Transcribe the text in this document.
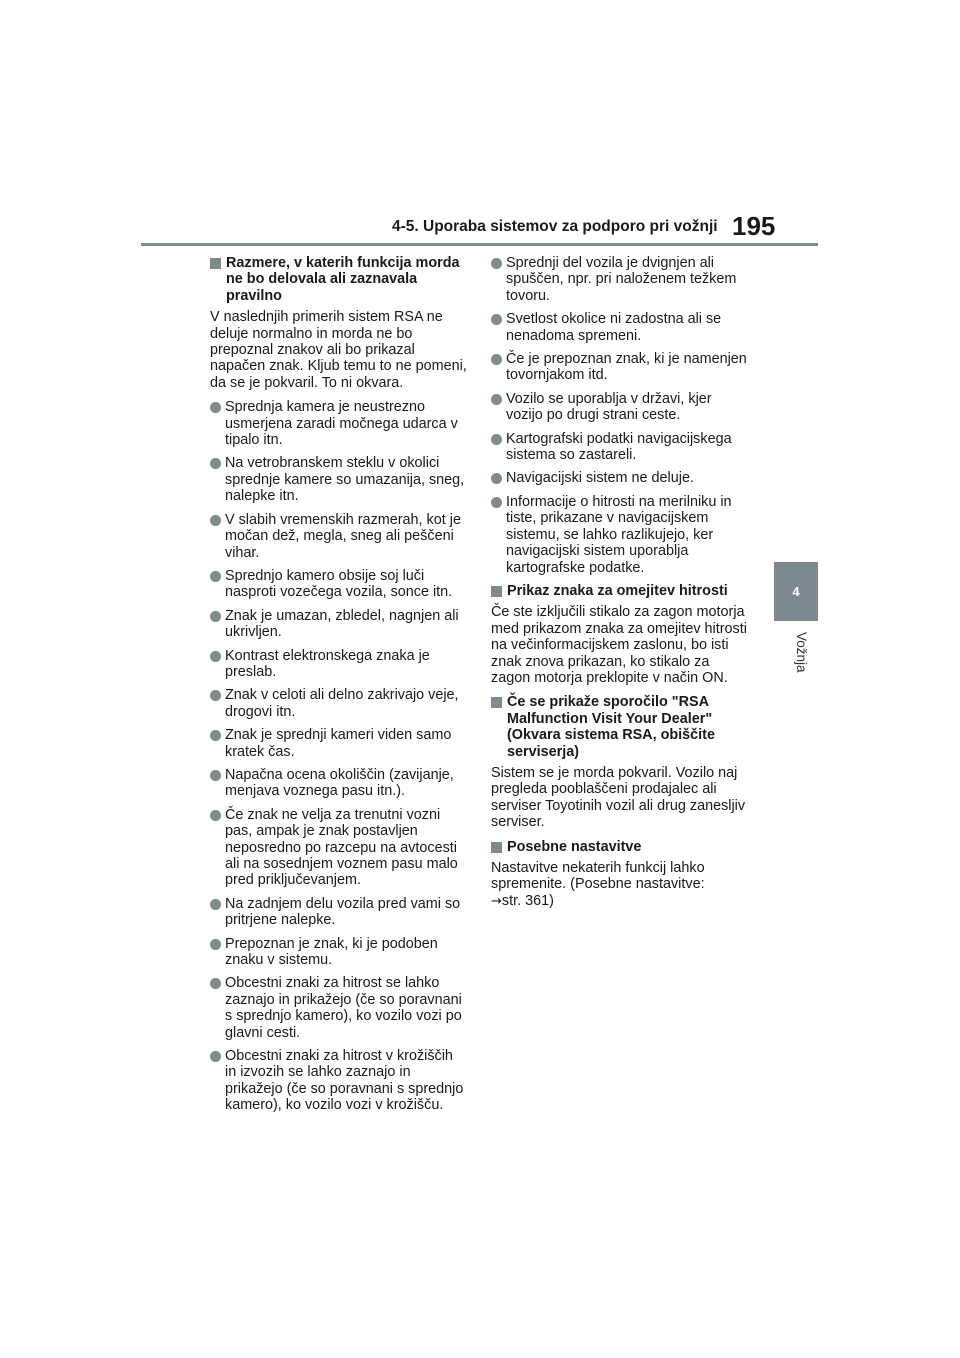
4-5. Uporaba sistemov za podporo pri vožnji 195
4
Vožnja
Razmere, v katerih funkcija morda ne bo delovala ali zaznavala pravilno

V naslednjih primerih sistem RSA ne deluje normalno in morda ne bo prepoznal znakov ali bo prikazal napačen znak. Kljub temu to ne pomeni, da se je pokvaril. To ni okvara.

Sprednja kamera je neustrezno usmerjena zaradi močnega udarca v tipalo itn.
Na vetrobranskem steklu v okolici sprednje kamere so umazanija, sneg, nalepke itn.
V slabih vremenskih razmerah, kot je močan dež, megla, sneg ali peščeni vihar.
Sprednjo kamero obsije soj luči nasproti vozečega vozila, sonce itn.
Znak je umazan, zbledel, nagnjen ali ukrivljen.
Kontrast elektronskega znaka je preslab.
Znak v celoti ali delno zakrivajo veje, drogovi itn.
Znak je sprednji kameri viden samo kratek čas.
Napačna ocena okoliščin (zavijanje, menjava voznega pasu itn.).
Če znak ne velja za trenutni vozni pas, ampak je znak postavljen neposredno po razcepu na avtocesti ali na sosednjem voznem pasu malo pred priključevanjem.
Na zadnjem delu vozila pred vami so pritrjene nalepke.
Prepoznan je znak, ki je podoben znaku v sistemu.
Obcestni znaki za hitrost se lahko zaznajo in prikažejo (če so poravnani s sprednjo kamero), ko vozilo vozi po glavni cesti.
Obcestni znaki za hitrost v krožiščih in izvozih se lahko zaznajo in prikažejo (če so poravnani s sprednjo kamero), ko vozilo vozi v krožišču.
Sprednji del vozila je dvignjen ali spuščen, npr. pri naloženem težkem tovoru.
Svetlost okolice ni zadostna ali se nenadoma spremeni.
Če je prepoznan znak, ki je namenjen tovornjakom itd.
Vozilo se uporablja v državi, kjer vozijo po drugi strani ceste.
Kartografski podatki navigacijskega sistema so zastareli.
Navigacijski sistem ne deluje.
Informacije o hitrosti na merilniku in tiste, prikazane v navigacijskem sistemu, se lahko razlikujejo, ker navigacijski sistem uporablja kartografske podatke.
Prikaz znaka za omejitev hitrosti

Če ste izključili stikalo za zagon motorja med prikazom znaka za omejitev hitrosti na večinformacijskem zaslonu, bo isti znak znova prikazan, ko stikalo za zagon motorja preklopite v način ON.

Če se prikaže sporočilo "RSA Malfunction Visit Your Dealer" (Okvara sistema RSA, obiščite serviserja)

Sistem se je morda pokvaril. Vozilo naj pregleda pooblaščeni prodajalec ali serviser Toyotinih vozil ali drug zanesljiv serviser.

Posebne nastavitve

Nastavitve nekaterih funkcij lahko spremenite. (Posebne nastavitve:
→str. 361)
